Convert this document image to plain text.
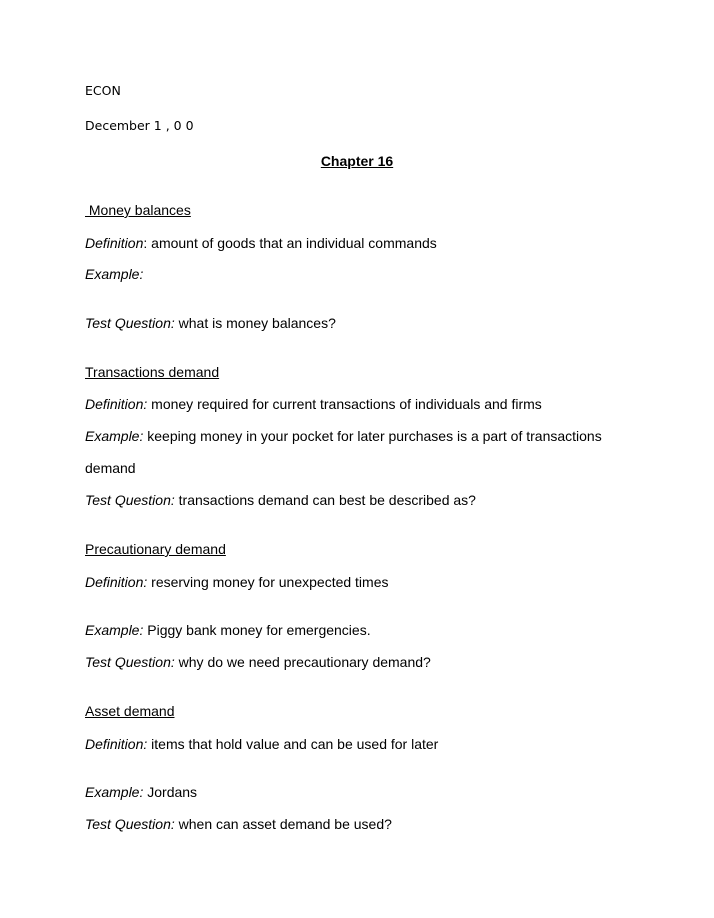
ECON
December 1 , 0 0
Chapter 16
Money balances
Definition: amount of goods that an individual commands
Example:
Test Question: what is money balances?
Transactions demand
Definition: money required for current transactions of individuals and firms
Example: keeping money in your pocket for later purchases is a part of transactions
demand
Test Question: transactions demand can best be described as?
Precautionary demand
Definition: reserving money for unexpected times
Example: Piggy bank money for emergencies.
Test Question: why do we need precautionary demand?
Asset demand
Definition: items that hold value and can be used for later
Example: Jordans
Test Question: when can asset demand be used?
